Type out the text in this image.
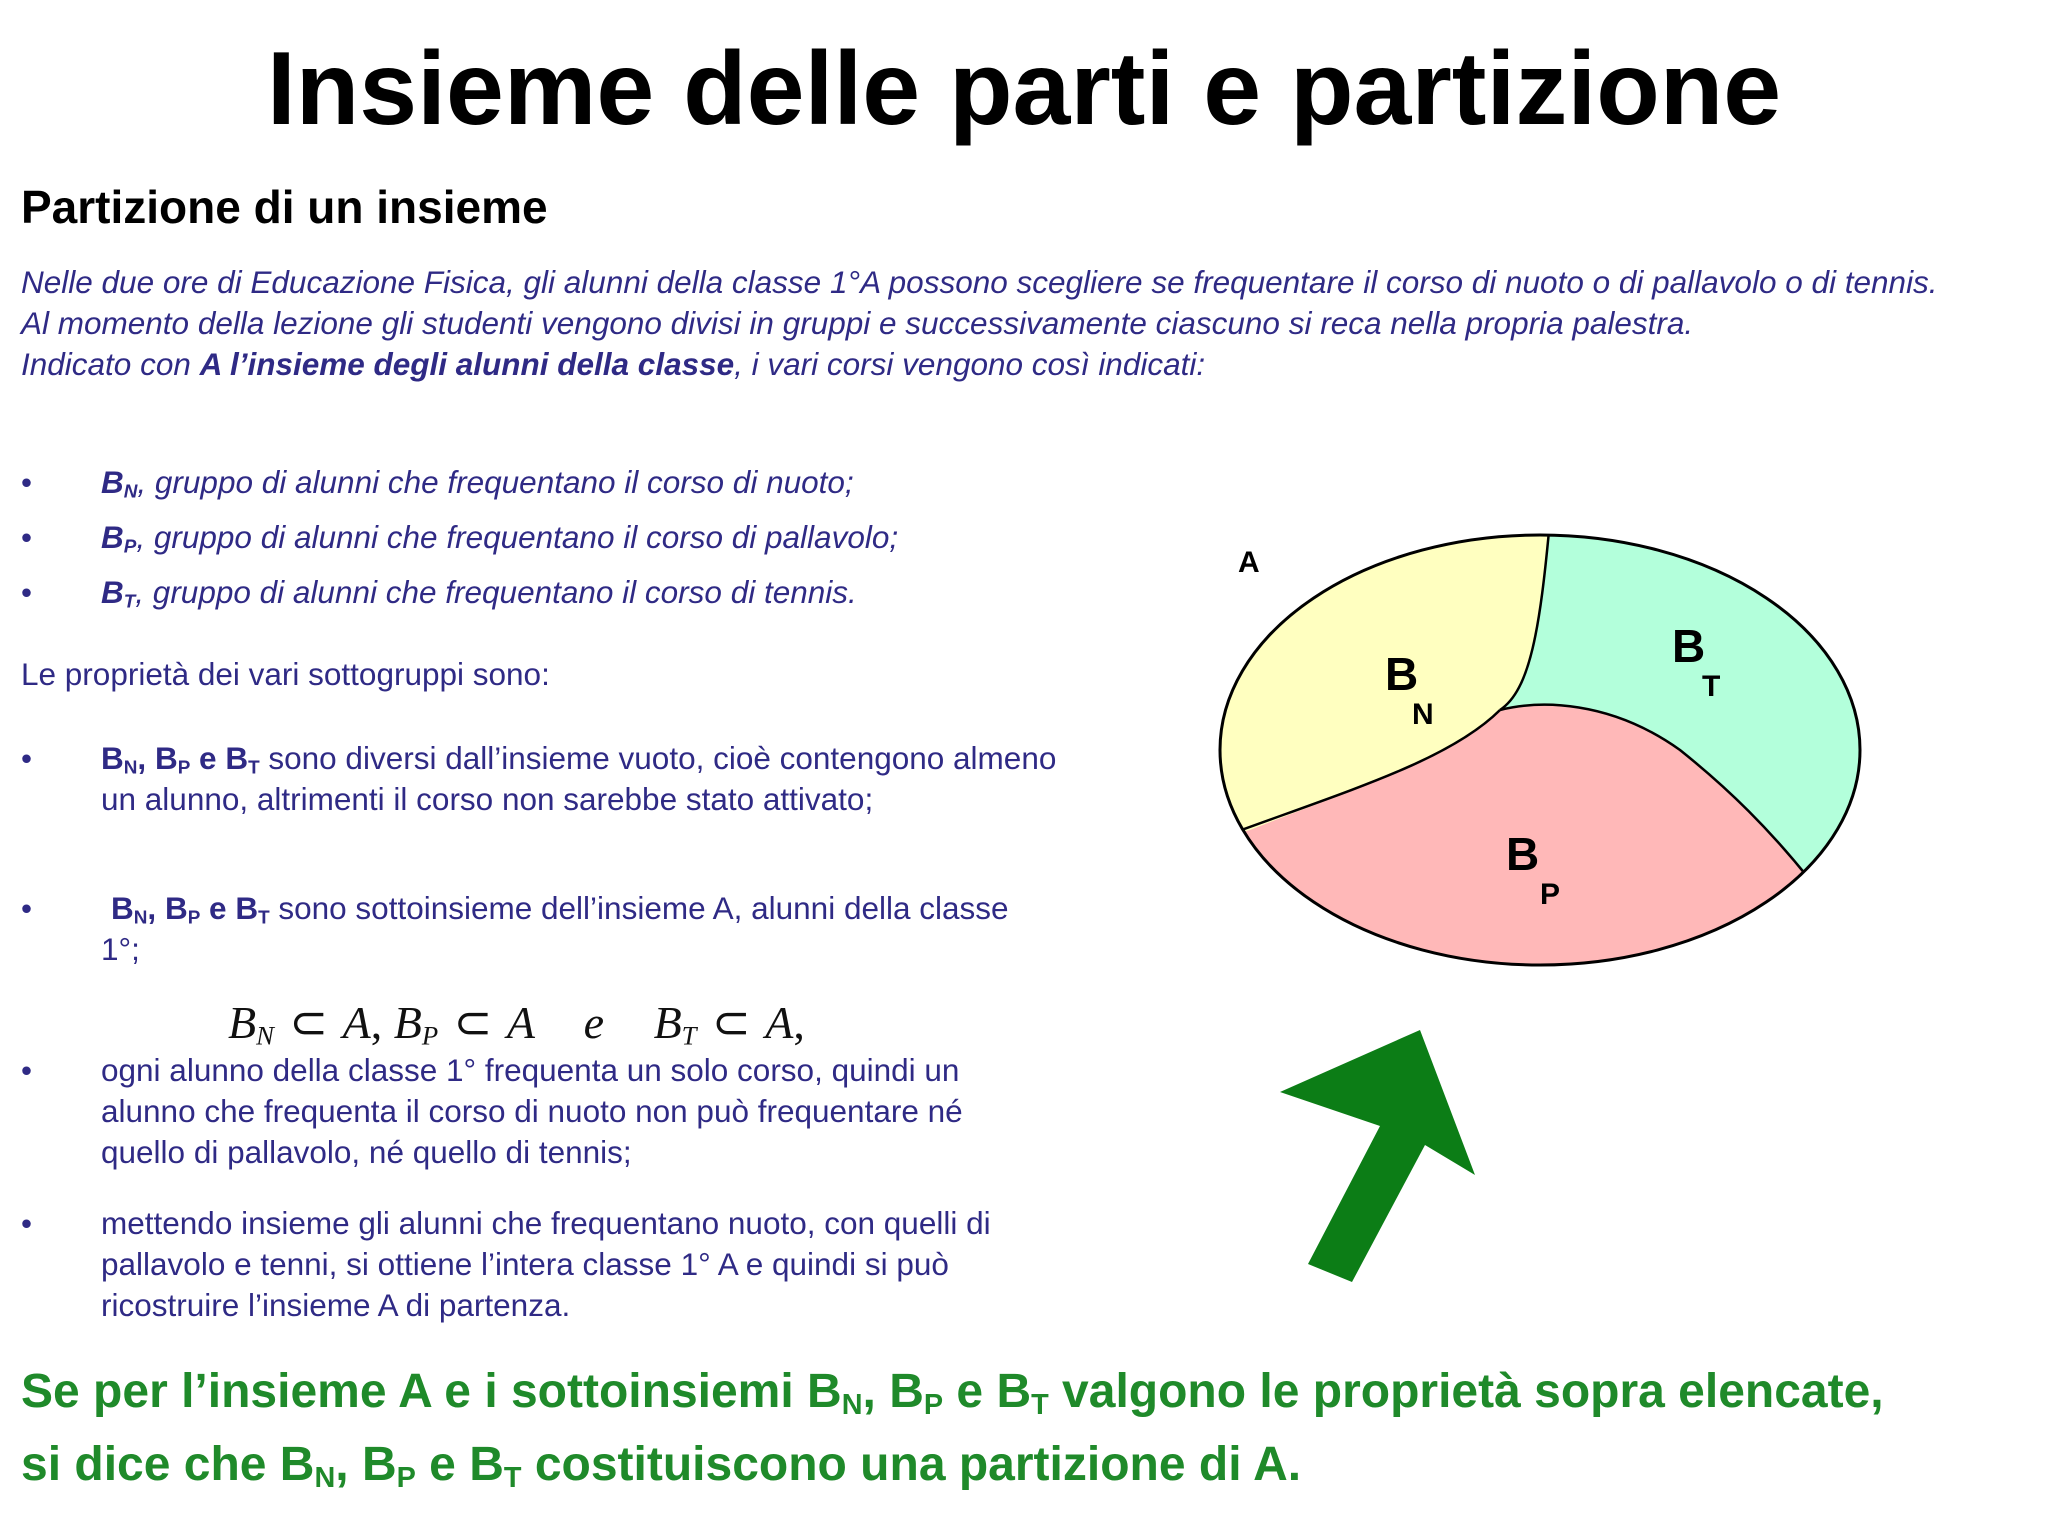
Insieme delle parti e partizione
Partizione di un insieme

Nelle due ore di Educazione Fisica, gli alunni della classe 1°A possono scegliere se frequentare il corso di nuoto o di pallavolo o di tennis.

Al momento della lezione gli studenti vengono divisi in gruppi e successivamente ciascuno si reca nella propria palestra.

Indicato con A l’insieme degli alunni della classe, i vari corsi vengono così indicati:

• $B_N$, gruppo di alunni che frequentano il corso di nuoto;
• $B_P$, gruppo di alunni che frequentano il corso di pallavolo;
• $B_T$, gruppo di alunni che frequentano il corso di tennis.
Le proprietà dei vari sottogruppi sono:
• $B_N$, $B_P$ e $B_T$ sono diversi dall’insieme vuoto, cioè contengono almeno un alunno, altrimenti il corso non sarebbe stato attivato;
•	$B_N$, $B_P$ e $B_T$ sono sottoinsieme dell’insieme A, alunni della classe 1°;
• ogni alunno della classe 1° frequenta un solo corso, quindi un alunno che frequenta il corso di nuoto non può frequentare né quello di pallavolo, né quello di tennis;
• mettendo insieme gli alunni che frequentano nuoto, con quelli di pallavolo e tenni, si ottiene l’intera classe 1° A e quindi si può ricostruire l’insieme A di partenza.
$B_N$ ⊂ A, $B_P$ ⊂ A e $B_T$ ⊂ A,
A
B
N
B
T
B
P

Se per l’insieme A e i sottoinsiemi $B_N$, $B_P$ e $B_T$ valgono le proprietà sopra elencate,

si dice che $B_N$, $B_P$ e $B_T$ costituiscono una partizione di A.
